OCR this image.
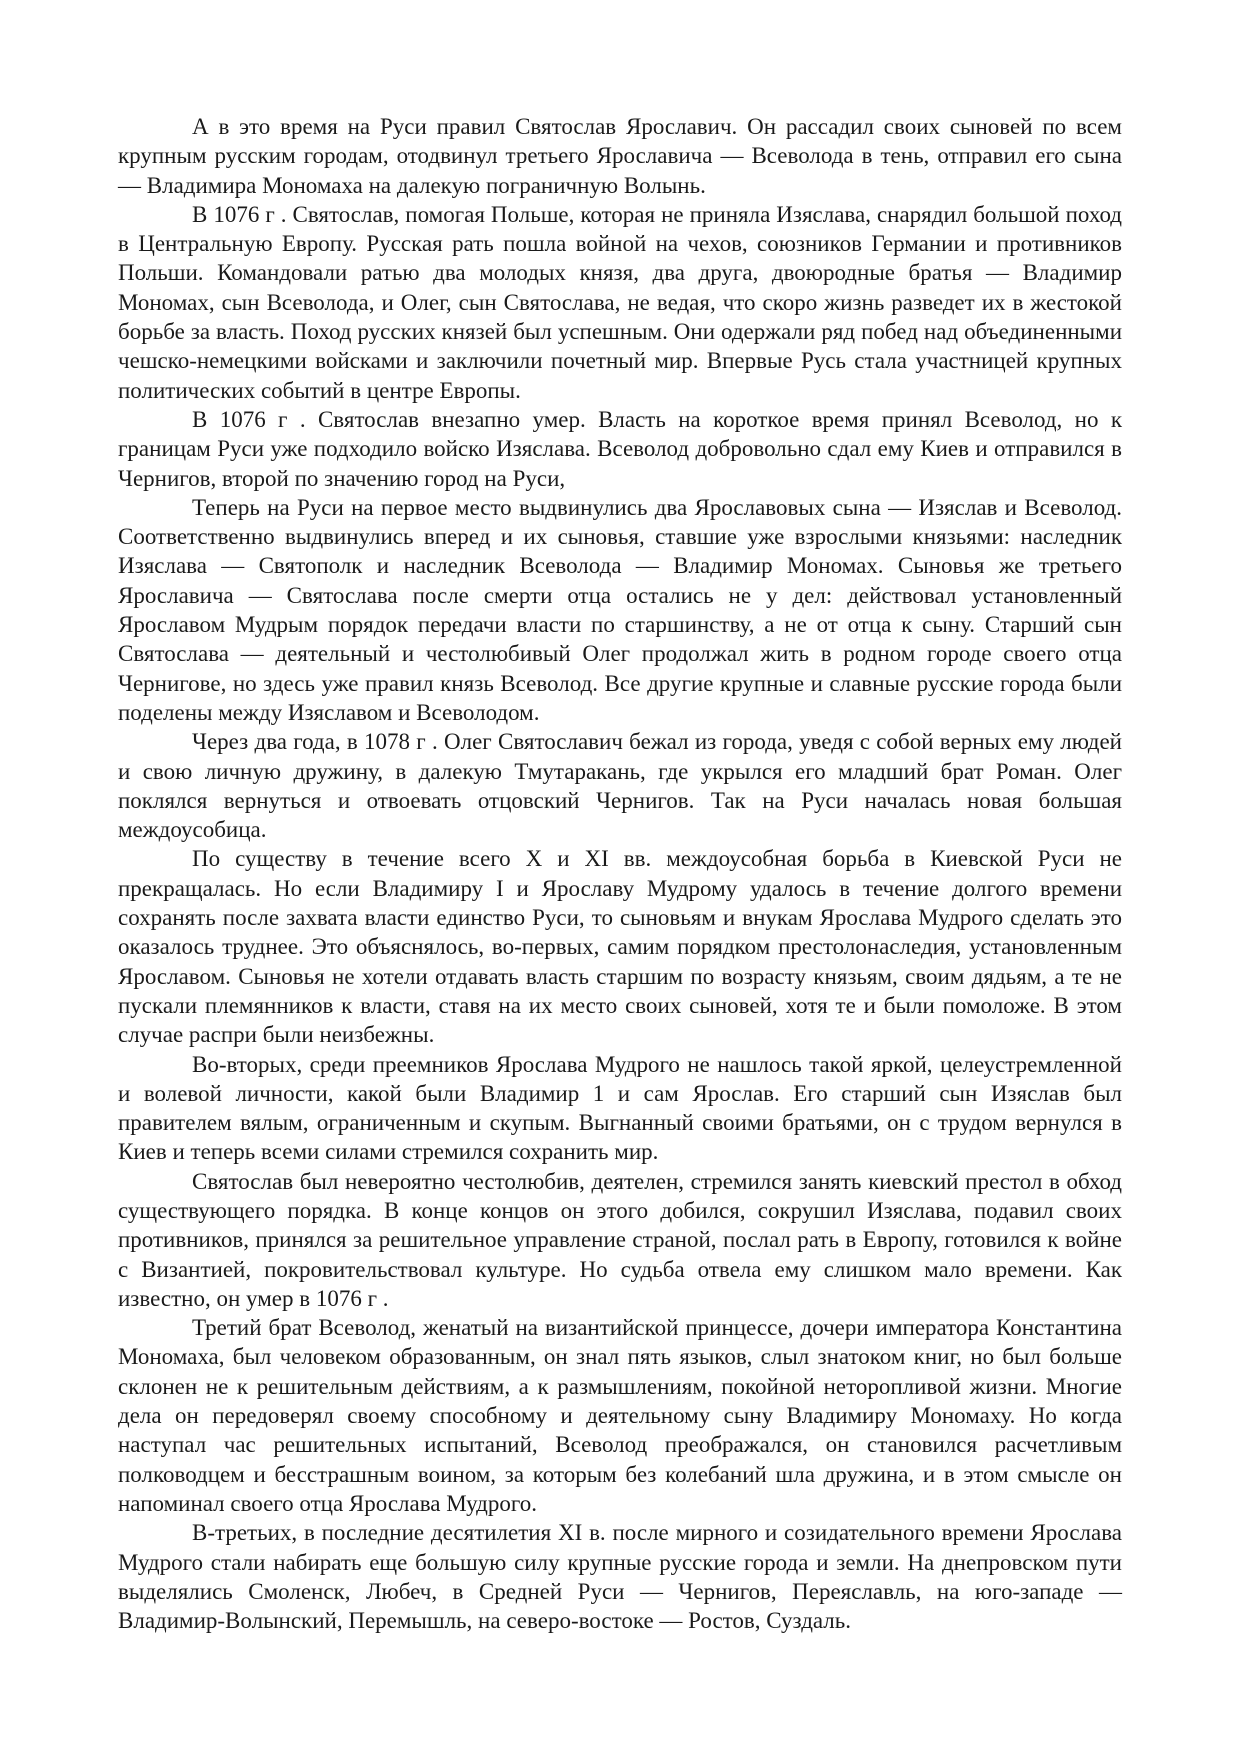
А в это время на Руси правил Святослав Ярославич. Он рассадил своих сыновей по всем крупным русским городам, отодвинул третьего Ярославича — Всеволода в тень, отправил его сына — Владимира Мономаха на далекую пограничную Волынь.

В 1076 г . Святослав, помогая Польше, которая не приняла Изяслава, снарядил большой поход в Центральную Европу. Русская рать пошла войной на чехов, союзников Германии и противников Польши. Командовали ратью два молодых князя, два друга, двоюродные братья — Владимир Мономах, сын Всеволода, и Олег, сын Святослава, не ведая, что скоро жизнь разведет их в жестокой борьбе за власть. Поход русских князей был успешным. Они одержали ряд побед над объединенными чешско-немецкими войсками и заключили почетный мир. Впервые Русь стала участницей крупных политических событий в центре Европы.

В 1076 г . Святослав внезапно умер. Власть на короткое время принял Всеволод, но к границам Руси уже подходило войско Изяслава. Всеволод добровольно сдал ему Киев и отправился в Чернигов, второй по значению город на Руси,

Теперь на Руси на первое место выдвинулись два Ярославовых сына — Изяслав и Всеволод. Соответственно выдвинулись вперед и их сыновья, ставшие уже взрослыми князьями: наследник Изяслава — Святополк и наследник Всеволода — Владимир Мономах. Сыновья же третьего Ярославича — Святослава после смерти отца остались не у дел: действовал установленный Ярославом Мудрым порядок передачи власти по старшинству, а не от отца к сыну. Старший сын Святослава — деятельный и честолюбивый Олег продолжал жить в родном городе своего отца Чернигове, но здесь уже правил князь Всеволод. Все другие крупные и славные русские города были поделены между Изяславом и Всеволодом.

Через два года, в 1078 г . Олег Святославич бежал из города, уведя с собой верных ему людей и свою личную дружину, в далекую Тмутаракань, где укрылся его младший брат Роман. Олег поклялся вернуться и отвоевать отцовский Чернигов. Так на Руси началась новая большая междоусобица.

По существу в течение всего X и XI вв. междоусобная борьба в Киевской Руси не прекращалась. Но если Владимиру I и Ярославу Мудрому удалось в течение долгого времени сохранять после захвата власти единство Руси, то сыновьям и внукам Ярослава Мудрого сделать это оказалось труднее. Это объяснялось, во-первых, самим порядком престолонаследия, установленным Ярославом. Сыновья не хотели отдавать власть старшим по возрасту князьям, своим дядьям, а те не пускали племянников к власти, ставя на их место своих сыновей, хотя те и были помоложе. В этом случае распри были неизбежны.

Во-вторых, среди преемников Ярослава Мудрого не нашлось такой яркой, целеустремленной и волевой личности, какой были Владимир 1 и сам Ярослав. Его старший сын Изяслав был правителем вялым, ограниченным и скупым. Выгнанный своими братьями, он с трудом вернулся в Киев и теперь всеми силами стремился сохранить мир.

Святослав был невероятно честолюбив, деятелен, стремился занять киевский престол в обход существующего порядка. В конце концов он этого добился, сокрушил Изяслава, подавил своих противников, принялся за решительное управление страной, послал рать в Европу, готовился к войне с Византией, покровительствовал культуре. Но судьба отвела ему слишком мало времени. Как известно, он умер в 1076 г .

Третий брат Всеволод, женатый на византийской принцессе, дочери императора Константина Мономаха, был человеком образованным, он знал пять языков, слыл знатоком книг, но был больше склонен не к решительным действиям, а к размышлениям, покойной неторопливой жизни. Многие дела он передоверял своему способному и деятельному сыну Владимиру Мономаху. Но когда наступал час решительных испытаний, Всеволод преображался, он становился расчетливым полководцем и бесстрашным воином, за которым без колебаний шла дружина, и в этом смысле он напоминал своего отца Ярослава Мудрого.

В-третьих, в последние десятилетия XI в. после мирного и созидательного времени Ярослава Мудрого стали набирать еще большую силу крупные русские города и земли. На днепровском пути выделялись Смоленск, Любеч, в Средней Руси — Чернигов, Переяславль, на юго-западе — Владимир-Волынский, Перемышль, на северо-востоке — Ростов, Суздаль.
